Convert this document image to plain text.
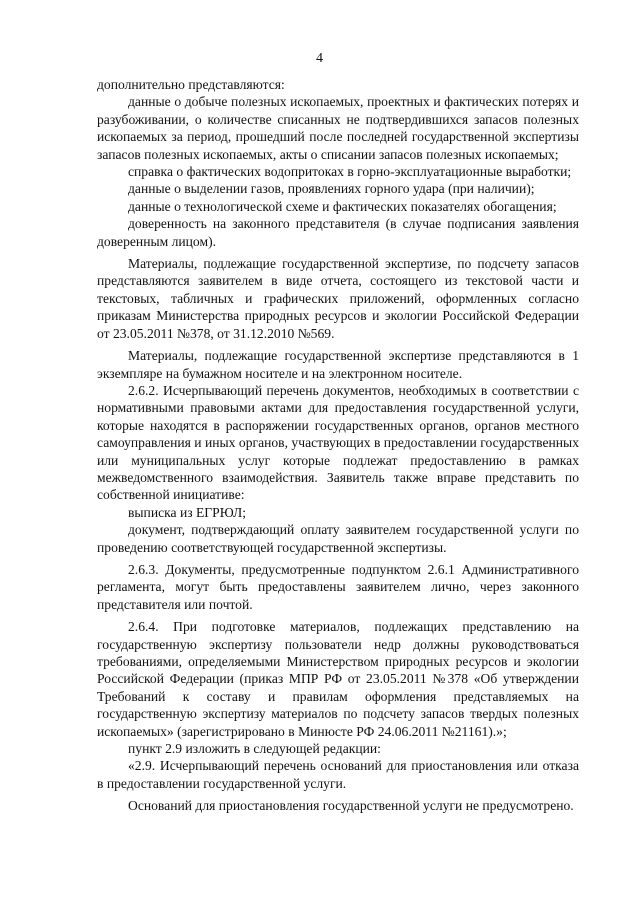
4

дополнительно представляются:

данные о добыче полезных ископаемых, проектных и фактических потерях и разубоживании, о количестве списанных не подтвердившихся запасов полезных ископаемых за период, прошедший после последней государственной экспертизы запасов полезных ископаемых, акты о списании запасов полезных ископаемых;

справка о фактических водопритоках в горно-эксплуатационные выработки;

данные о выделении газов, проявлениях горного удара (при наличии);

данные о технологической схеме и фактических показателях обогащения;

доверенность на законного представителя (в случае подписания заявления доверенным лицом).

Материалы, подлежащие государственной экспертизе, по подсчету запасов представляются заявителем в виде отчета, состоящего из текстовой части и текстовых, табличных и графических приложений, оформленных согласно приказам Министерства природных ресурсов и экологии Российской Федерации от 23.05.2011 №378, от 31.12.2010 №569.

Материалы, подлежащие государственной экспертизе представляются в 1 экземпляре на бумажном носителе и на электронном носителе.

2.6.2. Исчерпывающий перечень документов, необходимых в соответствии с нормативными правовыми актами для предоставления государственной услуги, которые находятся в распоряжении государственных органов, органов местного самоуправления и иных органов, участвующих в предоставлении государственных или муниципальных услуг которые подлежат предоставлению в рамках межведомственного взаимодействия. Заявитель также вправе представить по собственной инициативе:

выписка из ЕГРЮЛ;

документ, подтверждающий оплату заявителем государственной услуги по проведению соответствующей государственной экспертизы.

2.6.3. Документы, предусмотренные подпунктом 2.6.1 Административного регламента, могут быть предоставлены заявителем лично, через законного представителя или почтой.

2.6.4. При подготовке материалов, подлежащих представлению на государственную экспертизу пользователи недр должны руководствоваться требованиями, определяемыми Министерством природных ресурсов и экологии Российской Федерации (приказ МПР РФ от 23.05.2011 №378 «Об утверждении Требований к составу и правилам оформления представляемых на государственную экспертизу материалов по подсчету запасов твердых полезных ископаемых» (зарегистрировано в Минюсте РФ 24.06.2011 №21161).»;

пункт 2.9 изложить в следующей редакции:

«2.9. Исчерпывающий перечень оснований для приостановления или отказа в предоставлении государственной услуги.

Оснований для приостановления государственной услуги не предусмотрено.
